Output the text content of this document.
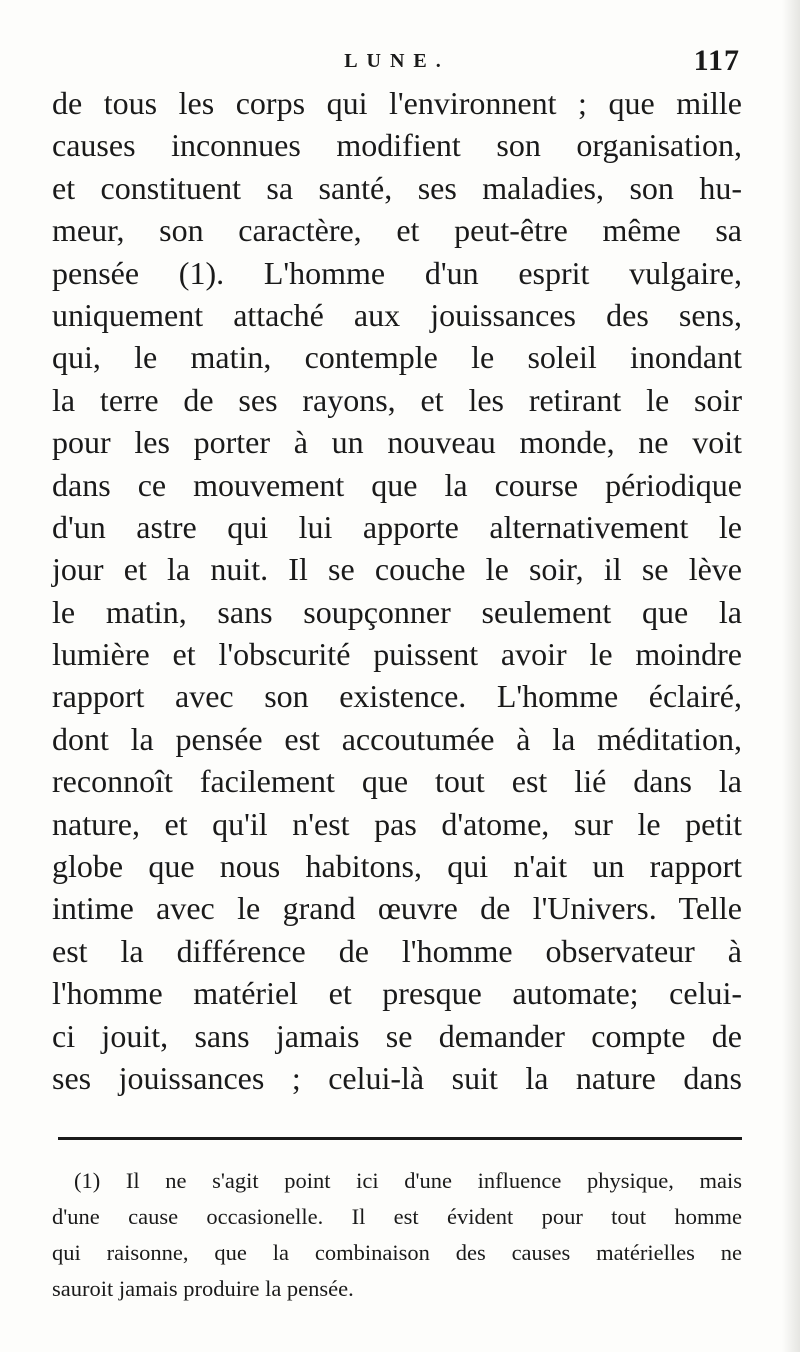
LUNE.	117
de tous les corps qui l'environnent ; que mille
causes inconnues modifient son organisation,
et constituent sa santé, ses maladies, son hu-
meur, son caractère, et peut-être même sa
pensée (1). L'homme d'un esprit vulgaire,
uniquement attaché aux jouissances des sens,
qui, le matin, contemple le soleil inondant
la terre de ses rayons, et les retirant le soir
pour les porter à un nouveau monde, ne voit
dans ce mouvement que la course périodique
d'un astre qui lui apporte alternativement le
jour et la nuit. Il se couche le soir, il se lève
le matin, sans soupçonner seulement que la
lumière et l'obscurité puissent avoir le moindre
rapport avec son existence. L'homme éclairé,
dont la pensée est accoutumée à la méditation,
reconnoît facilement que tout est lié dans la
nature, et qu'il n'est pas d'atome, sur le petit
globe que nous habitons, qui n'ait un rapport
intime avec le grand œuvre de l'Univers. Telle
est la différence de l'homme observateur à
l'homme matériel et presque automate; celui-
ci jouit, sans jamais se demander compte de
ses jouissances ; celui-là suit la nature dans
(1) Il ne s'agit point ici d'une influence physique, mais
d'une cause occasionelle. Il est évident pour tout homme
qui raisonne, que la combinaison des causes matérielles ne
sauroit jamais produire la pensée.
